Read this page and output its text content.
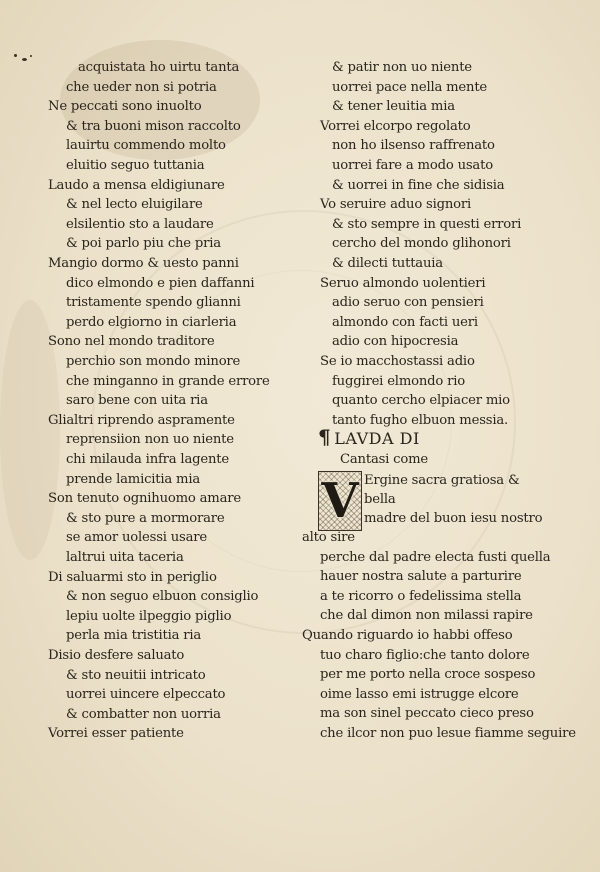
acquistata ho uirtu tanta
che ueder non si potria
Ne peccati sono inuolto
& tra buoni mison raccolto
lauirtu commendo molto
eluitio seguo tuttania
Laudo a mensa eldigiunare
& nel lecto eluigilare
elsilentio sto a laudare
& poi parlo piu che pria
Mangio dormo & uesto panni
dico elmondo e pien daffanni
tristamente spendo glianni
perdo elgiorno in ciarleria
Sono nel mondo traditore
perchio son mondo minore
che minganno in grande errore
saro bene con uita ria
Glialtri riprendo aspramente
reprensiion non uo niente
chi milauda infra lagente
prende lamicitia mia
Son tenuto ognihuomo amare
& sto pure a mormorare
se amor uolessi usare
laltrui uita taceria
Di saluarmi sto in periglio
& non seguo elbuon consiglio
lepiu uolte ilpeggio piglio
perla mia tristitia ria
Disio desfere saluato
& sto neuitii intricato
uorrei uincere elpeccato
& combatter non uorria
Vorrei esser patiente
& patir non uo niente
uorrei pace nella mente
& tener leuitia mia
Vorrei elcorpo regolato
non ho ilsenso raffrenato
uorrei fare a modo usato
& uorrei in fine che sidisia
Vo seruire aduo signori
& sto sempre in questi errori
cercho del mondo glihonori
& dilecti tuttauia
Seruo almondo uolentieri
adio seruo con pensieri
almondo con facti ueri
adio con hipocresia
Se io macchostassi adio
fuggirei elmondo rio
quanto cercho elpiacer mio
tanto fugho elbuon messia.
¶ LAVDA DI
Cantasi come
V Ergine sacra gratiosa &
bella
madre del buon iesu nostro
alto sire
perche dal padre electa fusti quella
hauer nostra salute a parturire
a te ricorro o fedelissima stella
che dal dimon non milassi rapire
Quando riguardo io habbi offeso
tuo charo figlio:che tanto dolore
per me porto nella croce sospeso
oime lasso emi istrugge elcore
ma son sinel peccato cieco preso
che ilcor non puo lesue fiamme seguire
